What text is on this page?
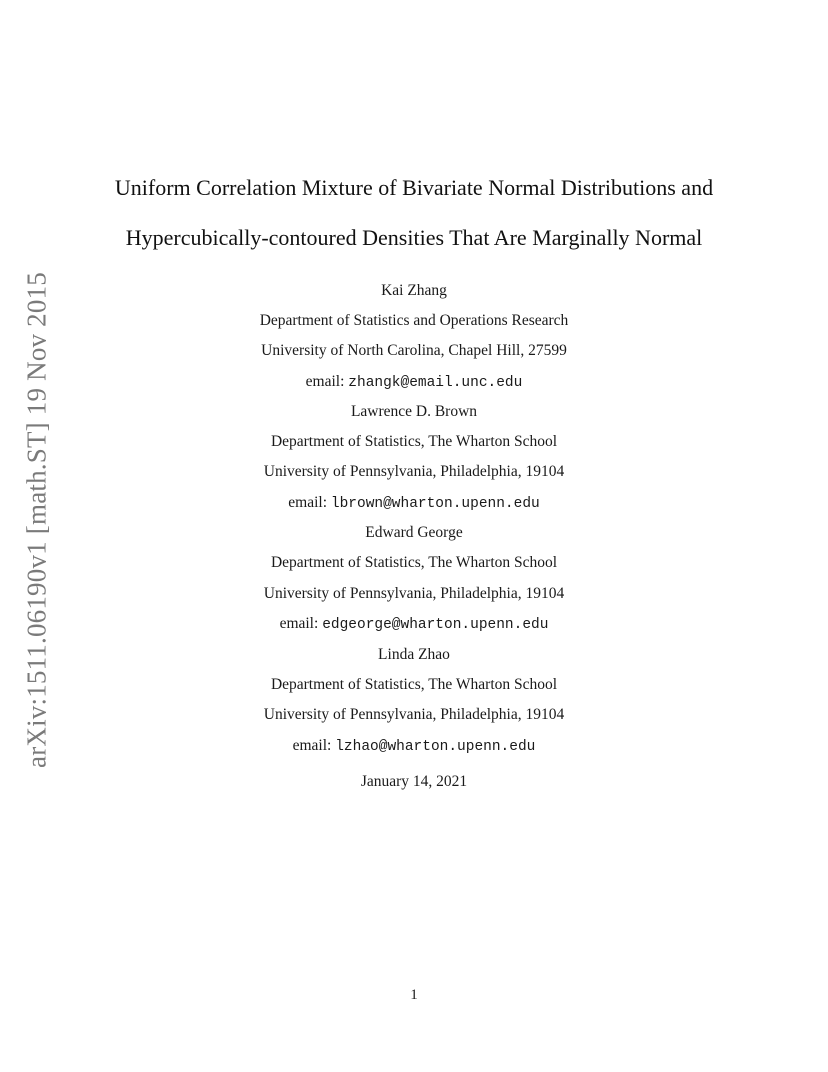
arXiv:1511.06190v1 [math.ST] 19 Nov 2015
Uniform Correlation Mixture of Bivariate Normal Distributions and
Hypercubically-contoured Densities That Are Marginally Normal
Kai Zhang
Department of Statistics and Operations Research
University of North Carolina, Chapel Hill, 27599
email: zhangk@email.unc.edu
Lawrence D. Brown
Department of Statistics, The Wharton School
University of Pennsylvania, Philadelphia, 19104
email: lbrown@wharton.upenn.edu
Edward George
Department of Statistics, The Wharton School
University of Pennsylvania, Philadelphia, 19104
email: edgeorge@wharton.upenn.edu
Linda Zhao
Department of Statistics, The Wharton School
University of Pennsylvania, Philadelphia, 19104
email: lzhao@wharton.upenn.edu
January 14, 2021
1
